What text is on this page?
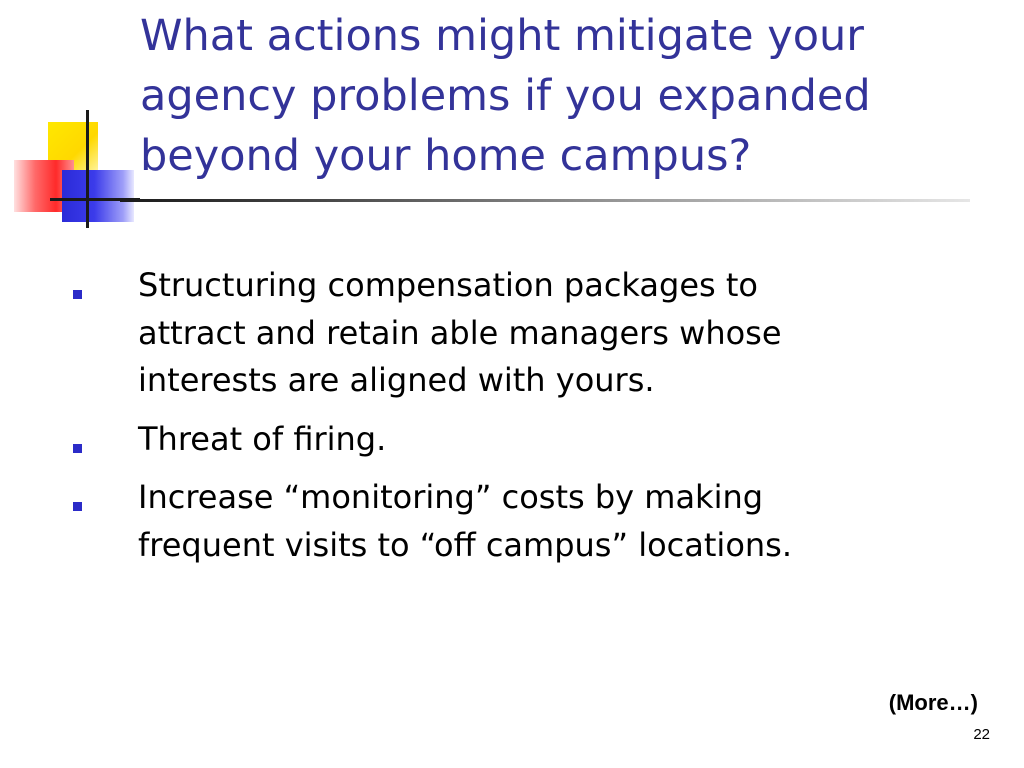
What actions might mitigate your
agency problems if you expanded
beyond your home campus?
Structuring compensation packages to
attract and retain able managers whose
interests are aligned with yours.
Threat of firing.
Increase “monitoring” costs by making
frequent visits to “off campus” locations.
(More…)
22
